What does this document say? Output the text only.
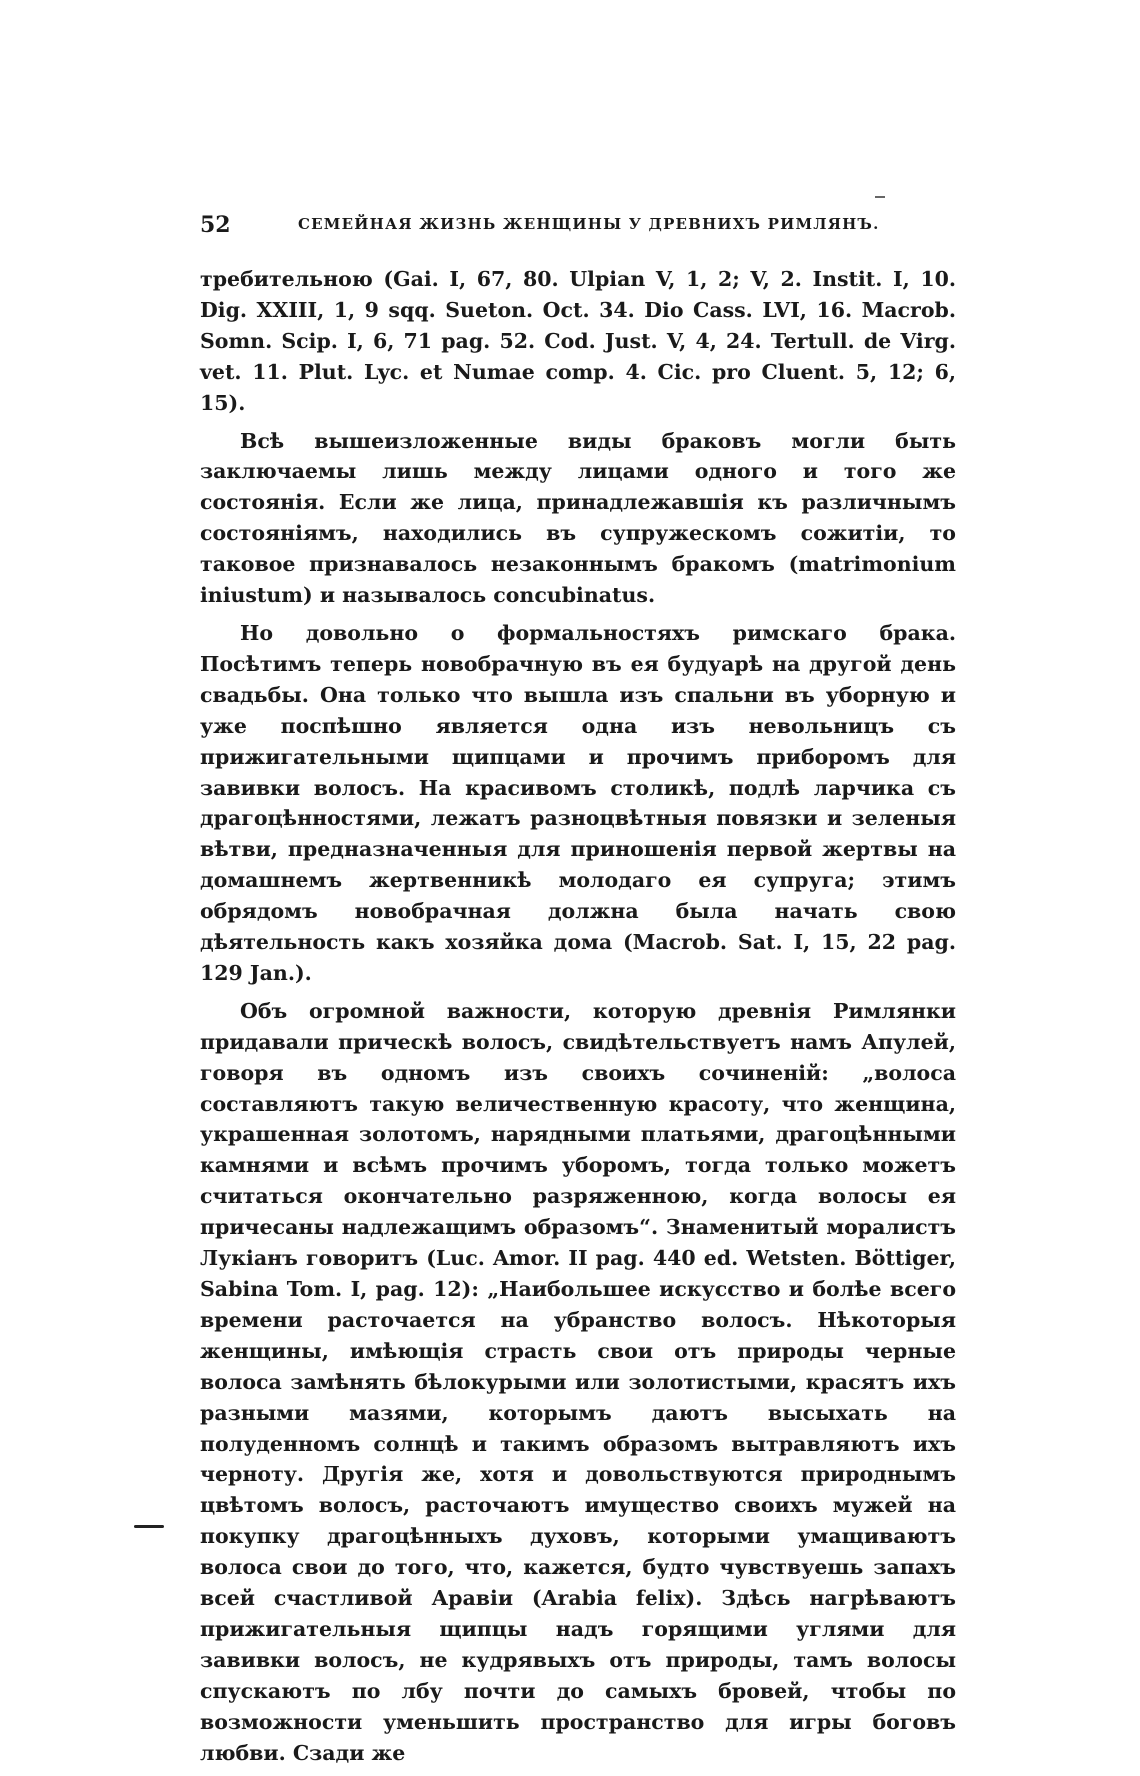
52	СЕМЕЙНАЯ ЖИЗНЬ ЖЕНЩИНЫ У ДРЕВНИХЪ РИМЛЯНЪ.

требительною (Gai. I, 67, 80. Ulpian V, 1, 2; V, 2. Instit. I, 10. Dig. XXIII, 1, 9 sqq. Sueton. Oct. 34. Dio Cass. LVI, 16. Macrob. Somn. Scip. I, 6, 71 pag. 52. Cod. Just. V, 4, 24. Tertull. de Virg. vet. 11. Plut. Lyc. et Numae comp. 4. Cic. pro Cluent. 5, 12; 6, 15).

Всѣ вышеизложенные виды браковъ могли быть заключаемы лишь между лицами одного и того же состоянія. Если же лица, принадлежавшія къ различнымъ состояніямъ, находились въ супружескомъ сожитіи, то таковое признавалось незаконнымъ бракомъ (matrimonium iniustum) и называлось concubinatus.

Но довольно о формальностяхъ римскаго брака. Посѣтимъ теперь новобрачную въ ея будуарѣ на другой день свадьбы. Она только что вышла изъ спальни въ уборную и уже поспѣшно является одна изъ невольницъ съ прижигательными щипцами и прочимъ приборомъ для завивки волосъ. На красивомъ столикѣ, подлѣ ларчика съ драгоцѣнностями, лежатъ разноцвѣтныя повязки и зеленыя вѣтви, предназначенныя для приношенія первой жертвы на домашнемъ жертвенникѣ молодаго ея супруга; этимъ обрядомъ новобрачная должна была начать свою дѣятельность какъ хозяйка дома (Macrob. Sat. I, 15, 22 pag. 129 Jan.).

Объ огромной важности, которую древнія Римлянки придавали прическѣ волосъ, свидѣтельствуетъ намъ Апулей, говоря въ одномъ изъ своихъ сочиненій: „волоса составляютъ такую величественную красоту, что женщина, украшенная золотомъ, нарядными платьями, драгоцѣнными камнями и всѣмъ прочимъ уборомъ, тогда только можетъ считаться окончательно разряженною, когда волосы ея причесаны надлежащимъ образомъ“. Знаменитый моралистъ Лукіанъ говоритъ (Luc. Amor. II pag. 440 ed. Wetsten. Böttiger, Sabina Tom. I, pag. 12): „Наибольшее искусство и болѣе всего времени расточается на убранство волосъ. Нѣкоторыя женщины, имѣющія страсть свои отъ природы черные волоса замѣнять бѣлокурыми или золотистыми, красятъ ихъ разными мазями, которымъ даютъ высыхать на полуденномъ солнцѣ и такимъ образомъ вытравляютъ ихъ черноту. Другія же, хотя и довольствуются природнымъ цвѣтомъ волосъ, расточаютъ имущество своихъ мужей на покупку драгоцѣнныхъ духовъ, которыми умащиваютъ волоса свои до того, что, кажется, будто чувствуешь запахъ всей счастливой Аравіи (Arabia felix). Здѣсь нагрѣваютъ прижигательныя щипцы надъ горящими углями для завивки волосъ, не кудрявыхъ отъ природы, тамъ волосы спускаютъ по лбу почти до самыхъ бровей, чтобы по возможности уменьшить пространство для игры боговъ любви. Сзади же
